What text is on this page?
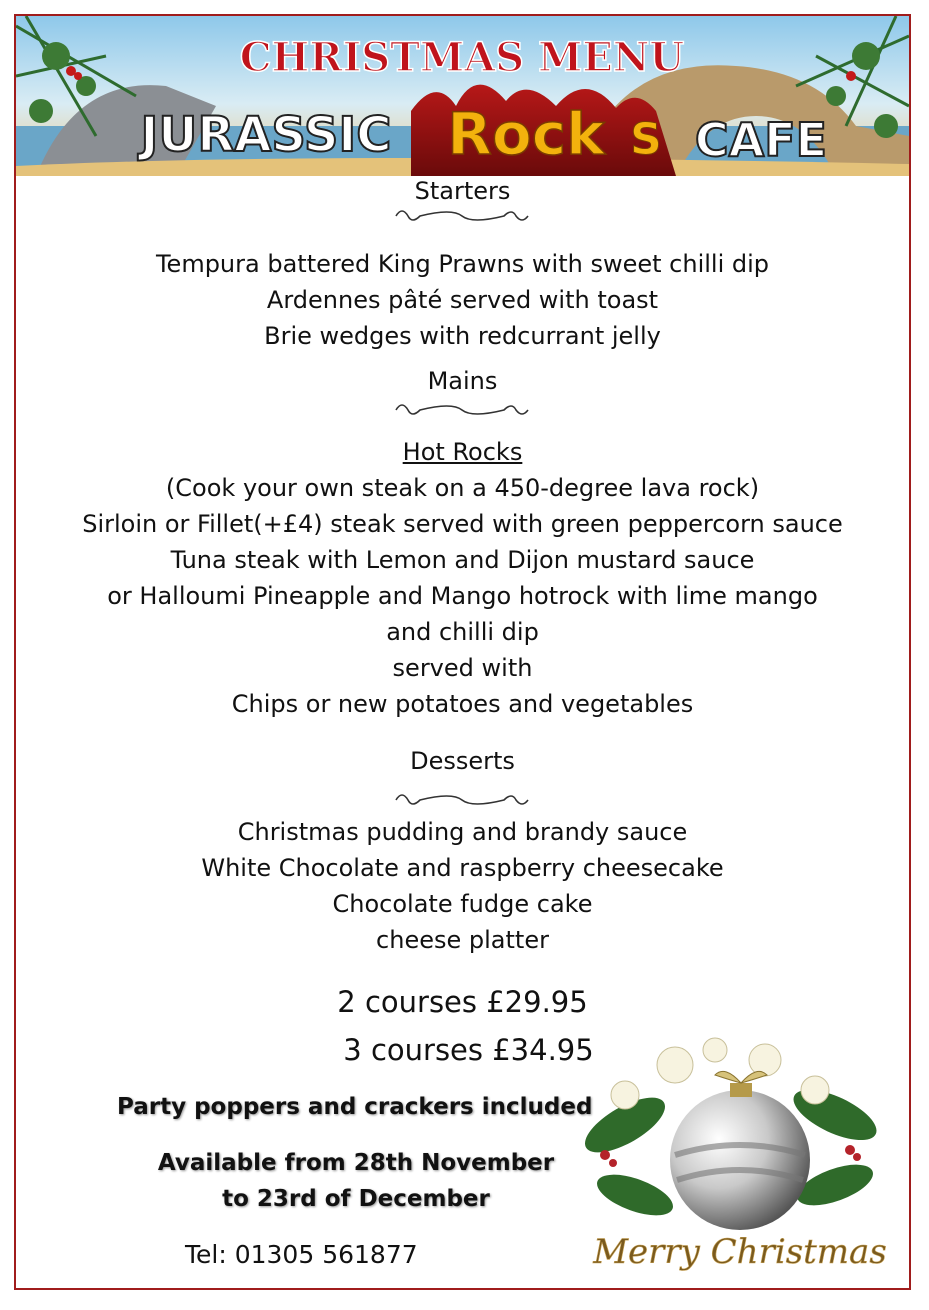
CHRISTMAS MENU
JURASSIC Rock S CAFE
Starters
Tempura battered King Prawns with sweet chilli dip
Ardennes pâté served with toast
Brie wedges with redcurrant jelly
Mains
Hot Rocks
(Cook your own steak on a 450-degree lava rock)
Sirloin or Fillet(+£4) steak served with green peppercorn sauce
Tuna steak with Lemon and Dijon mustard sauce
or Halloumi Pineapple and Mango hotrock with lime mango
and chilli dip
served with
Chips or new potatoes and vegetables
Desserts
Christmas pudding and brandy sauce
White Chocolate and raspberry cheesecake
Chocolate fudge cake
cheese platter
2 courses £29.95
3 courses £34.95
Party poppers and crackers included
Available from 28th November
to 23rd of December
Tel: 01305 561877	Merry Christmas
